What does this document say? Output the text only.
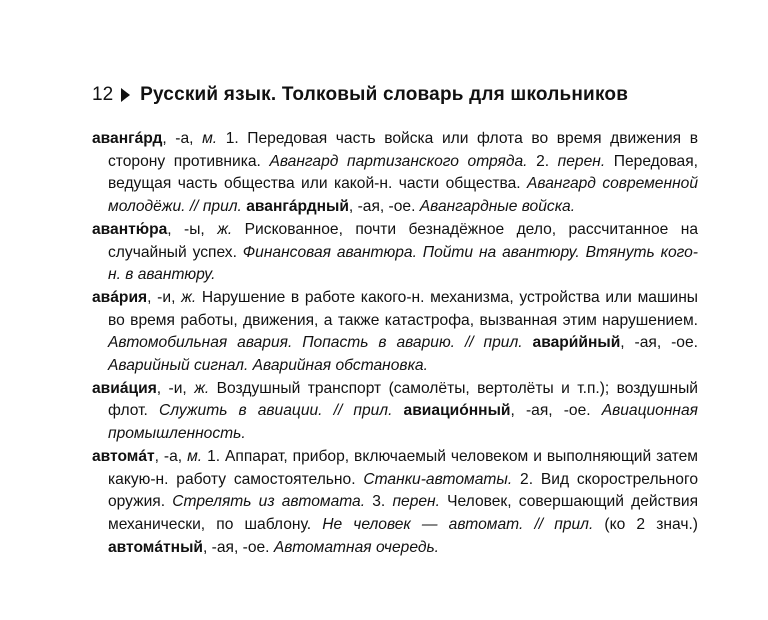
12 Русский язык. Толковый словарь для школьников

авангáрд, -а, м. 1. Передовая часть войска или флота во время движения в сторону противника. Авангард партизанского отряда. 2. перен. Передовая, ведущая часть общества или какой-н. части общества. Авангард современной молодёжи. // прил. авангáрдный, -ая, -ое. Авангардные войска.

авантю́ра, -ы, ж. Рискованное, почти безнадёжное дело, рассчитанное на случайный успех. Финансовая авантюра. Пойти на авантюру. Втянуть кого-н. в авантюру.

авáрия, -и, ж. Нарушение в работе какого-н. механизма, устройства или машины во время работы, движения, а также катастрофа, вызванная этим нарушением. Автомобильная авария. Попасть в аварию. // прил. авари́йный, -ая, -ое. Аварийный сигнал. Аварийная обстановка.

авиáция, -и, ж. Воздушный транспорт (самолёты, вертолёты и т.п.); воздушный флот. Служить в авиации. // прил. авиациóнный, -ая, -ое. Авиационная промышленность.

автомáт, -а, м. 1. Аппарат, прибор, включаемый человеком и выполняющий затем какую-н. работу самостоятельно. Станки-автоматы. 2. Вид скорострельного оружия. Стрелять из автомата. 3. перен. Человек, совершающий действия механически, по шаблону. Не человек — автомат. // прил. (ко 2 знач.) автомáтный, -ая, -ое. Автоматная очередь.
